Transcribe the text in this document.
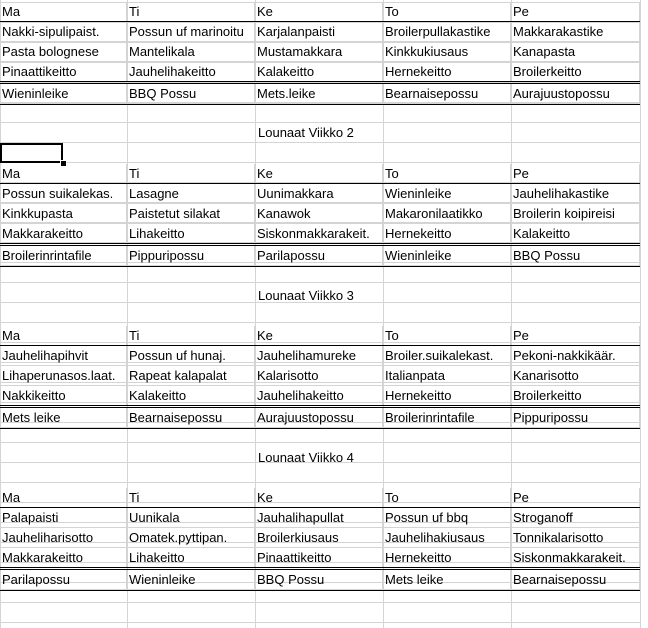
Ma	Ti	Ke	To	Pe
Nakki-sipulipaist.	Possun uf marinoitu	Karjalanpaisti	Broilerpullakastike	Makkarakastike
Pasta bolognese	Mantelikala	Mustamakkara	Kinkkukiusaus	Kanapasta
Pinaattikeitto	Jauhelihakeitto	Kalakeitto	Hernekeitto	Broilerkeitto
Wieninleike	BBQ Possu	Mets.leike	Bearnaisepossu	Aurajuustopossu
Lounaat Viikko 2
Ma	Ti	Ke	To	Pe
Possun suikalekas.	Lasagne	Uunimakkara	Wieninleike	Jauhelihakastike
Kinkkupasta	Paistetut silakat	Kanawok	Makaronilaatikko	Broilerin koipireisi
Makkarakeitto	Lihakeitto	Siskonmakkarakeit.	Hernekeitto	Kalakeitto
Broilerinrintafile	Pippuripossu	Parilapossu	Wieninleike	BBQ Possu
Lounaat Viikko 3
Ma	Ti	Ke	To	Pe
Jauhelihapihvit	Possun uf hunaj.	Jauhelihamureke	Broiler.suikalekast.	Pekoni-nakkikäär.
Lihaperunasos.laat.	Rapeat kalapalat	Kalarisotto	Italianpata	Kanarisotto
Nakkikeitto	Kalakeitto	Jauhelihakeitto	Hernekeitto	Broilerkeitto
Mets leike	Bearnaisepossu	Aurajuustopossu	Broilerinrintafile	Pippuripossu
Lounaat Viikko 4
Ma	Ti	Ke	To	Pe
Palapaisti	Uunikala	Jauhalihapullat	Possun uf bbq	Stroganoff
Jauheliharisotto	Omatek.pyttipan.	Broilerkiusaus	Jauhelihakiusaus	Tonnikalarisotto
Makkarakeitto	Lihakeitto	Pinaattikeitto	Hernekeitto	Siskonmakkarakeit.
Parilapossu	Wieninleike	BBQ Possu	Mets leike	Bearnaisepossu
